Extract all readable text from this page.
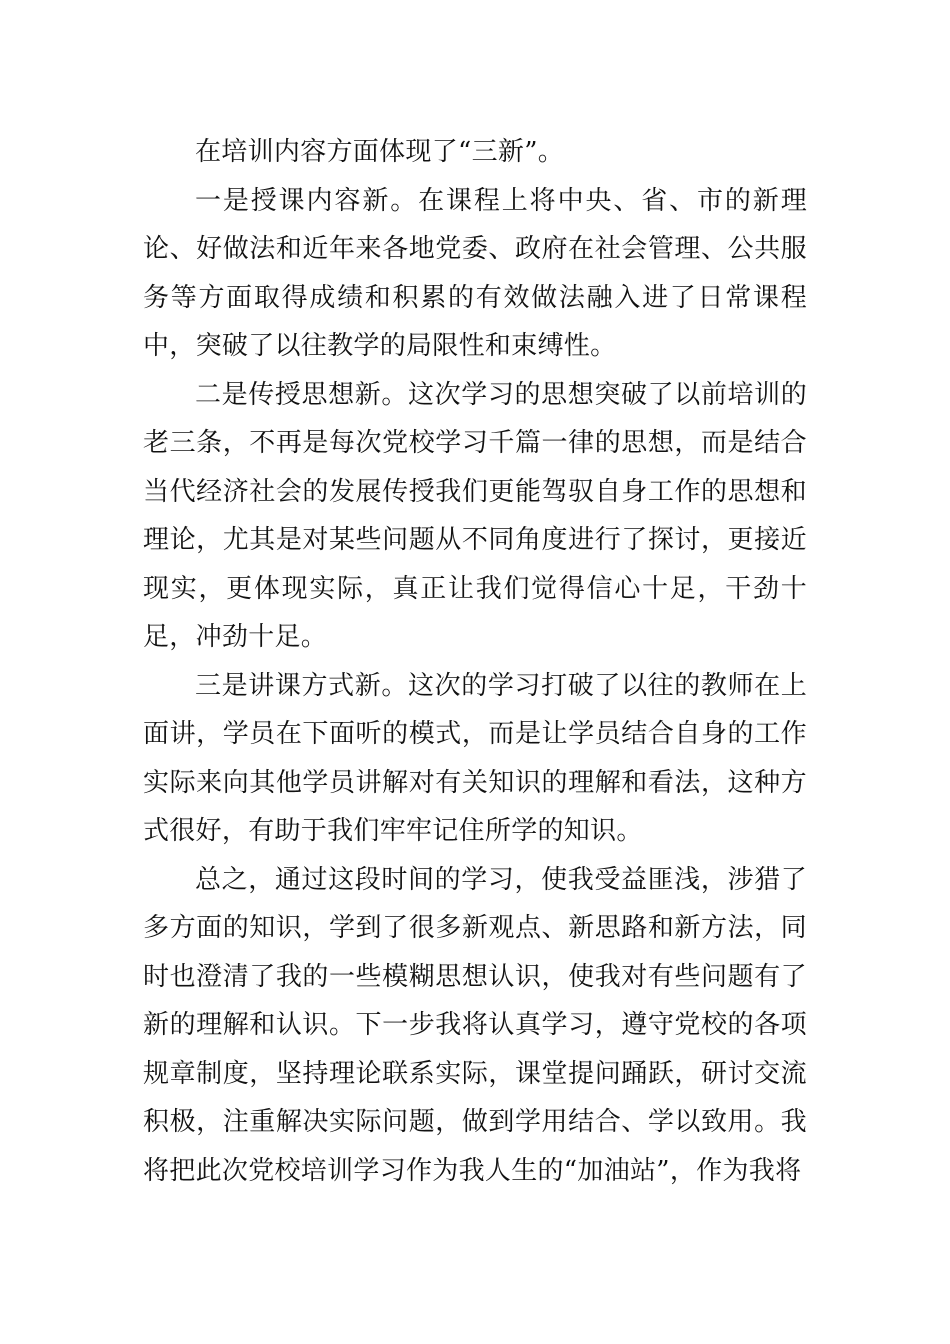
在培训内容方面体现了“三新”。

一是授课内容新。在课程上将中央、省、市的新理论、好做法和近年来各地党委、政府在社会管理、公共服务等方面取得成绩和积累的有效做法融入进了日常课程中，突破了以往教学的局限性和束缚性。

二是传授思想新。这次学习的思想突破了以前培训的老三条，不再是每次党校学习千篇一律的思想，而是结合当代经济社会的发展传授我们更能驾驭自身工作的思想和理论，尤其是对某些问题从不同角度进行了探讨，更接近现实，更体现实际，真正让我们觉得信心十足，干劲十足，冲劲十足。

三是讲课方式新。这次的学习打破了以往的教师在上面讲，学员在下面听的模式，而是让学员结合自身的工作实际来向其他学员讲解对有关知识的理解和看法，这种方式很好，有助于我们牢牢记住所学的知识。

总之，通过这段时间的学习，使我受益匪浅，涉猎了多方面的知识，学到了很多新观点、新思路和新方法，同时也澄清了我的一些模糊思想认识，使我对有些问题有了新的理解和认识。下一步我将认真学习，遵守党校的各项规章制度，坚持理论联系实际，课堂提问踊跃，研讨交流积极，注重解决实际问题，做到学用结合、学以致用。我将把此次党校培训学习作为我人生的“加油站”，作为我将
